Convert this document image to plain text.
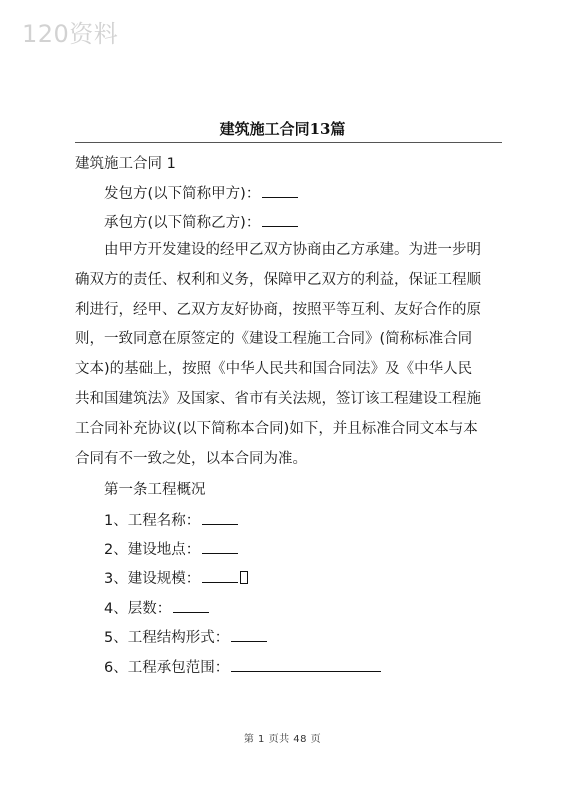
120资料
建筑施工合同13篇
建筑施工合同 1
发包方(以下简称甲方)：
承包方(以下简称乙方)：
由甲方开发建设的经甲乙双方协商由乙方承建。为进一步明
确双方的责任、权利和义务，保障甲乙双方的利益，保证工程顺
利进行，经甲、乙双方友好协商，按照平等互利、友好合作的原
则，一致同意在原签定的《建设工程施工合同》(简称标准合同
文本)的基础上，按照《中华人民共和国合同法》及《中华人民
共和国建筑法》及国家、省市有关法规，签订该工程建设工程施
工合同补充协议(以下简称本合同)如下，并且标准合同文本与本
合同有不一致之处，以本合同为准。
第一条工程概况
1、工程名称：
2、建设地点：
3、建设规模：
4、层数：
5、工程结构形式：
6、工程承包范围：
第 1 页共 48 页
